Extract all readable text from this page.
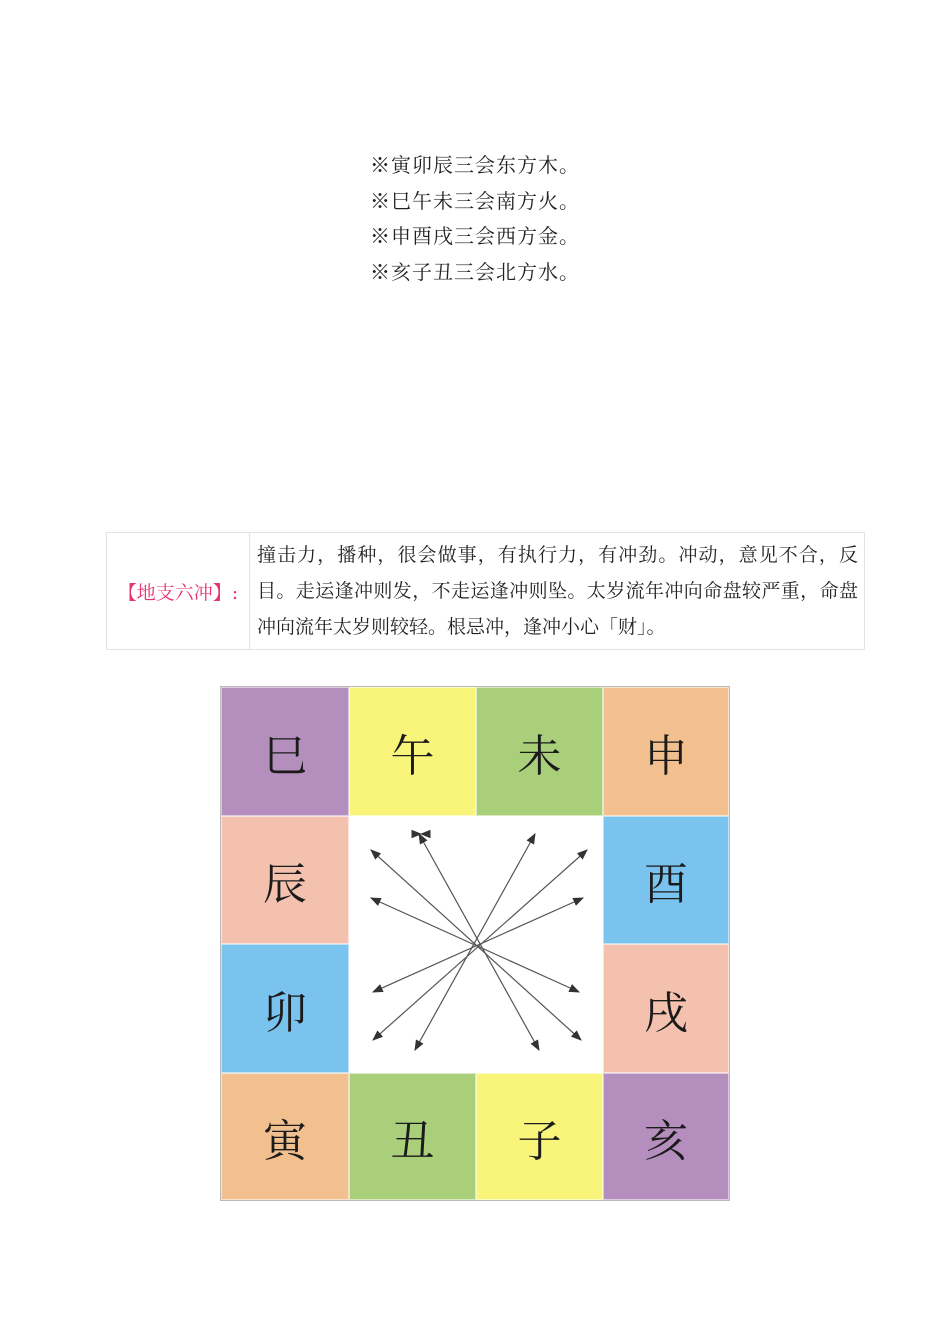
※寅卯辰三会东方木。
※巳午未三会南方火。
※申酉戌三会西方金。
※亥子丑三会北方水。
【地支六冲】:	撞击力，播种，很会做事，有执行力，有冲劲。冲动，意见不合，反目。走运逢冲则发，不走运逢冲则坠。太岁流年冲向命盘较严重，命盘冲向流年太岁则较轻。根忌冲，逢冲小心「财」。
巳 午 未 申
辰	酉
卯	戌
寅 丑 子 亥
